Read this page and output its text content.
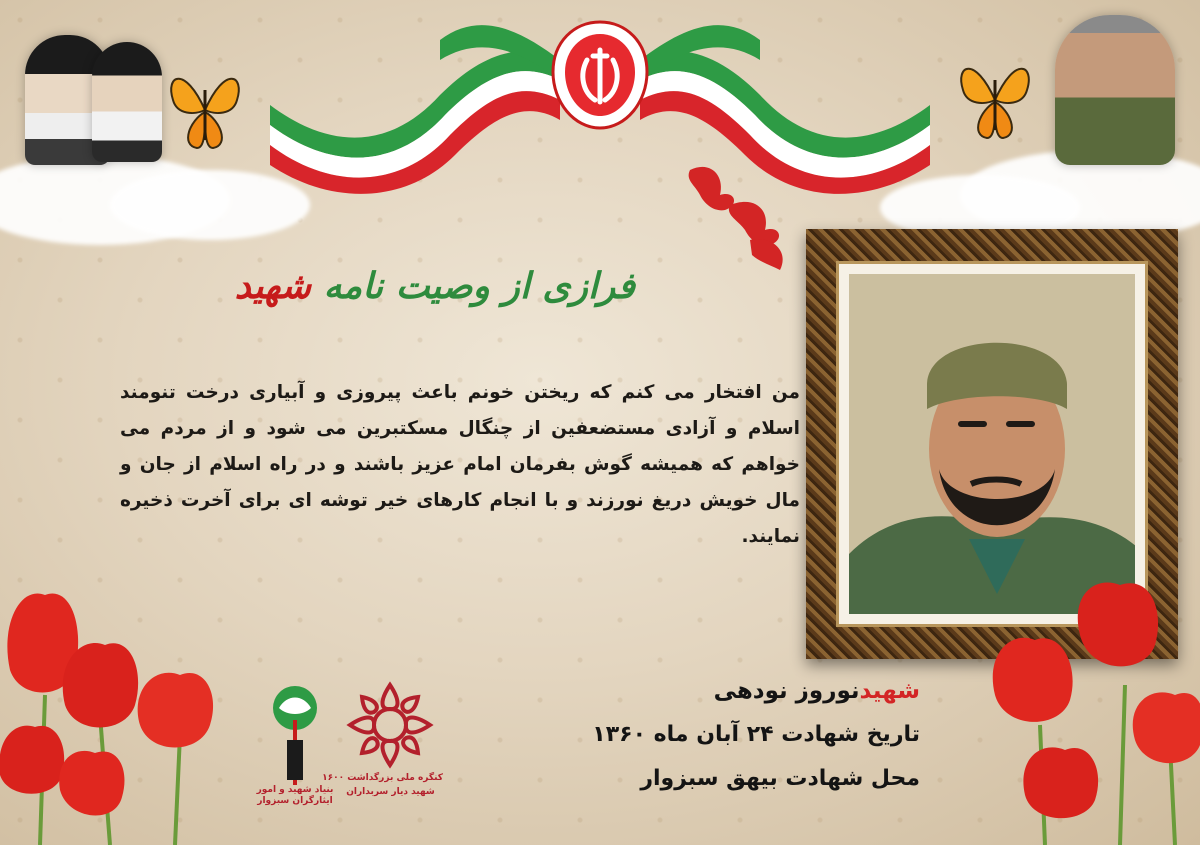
فرازی از وصیت نامه شهید
من افتخار می کنم که ریختن خونم باعث پیروزی و آبیاری درخت تنومند اسلام و آزادی مستضعفین از چنگال مسکتبرین می شود و از مردم می خواهم که همیشه گوش بفرمان امام عزیز باشند و در راه اسلام از جان و مال خویش دریغ نورزند و با انجام کارهای خیر توشه ای برای آخرت ذخیره نمایند.
شهیدنوروز نودهی
تاریخ شهادت ۲۴ آبان ماه ۱۳۶۰
محل شهادت بیهق سبزوار
بنیاد شهید و امور ایثارگران سبزوار
کنگره ملی بزرگداشت ۱۶۰۰
شهید دیار سربداران
